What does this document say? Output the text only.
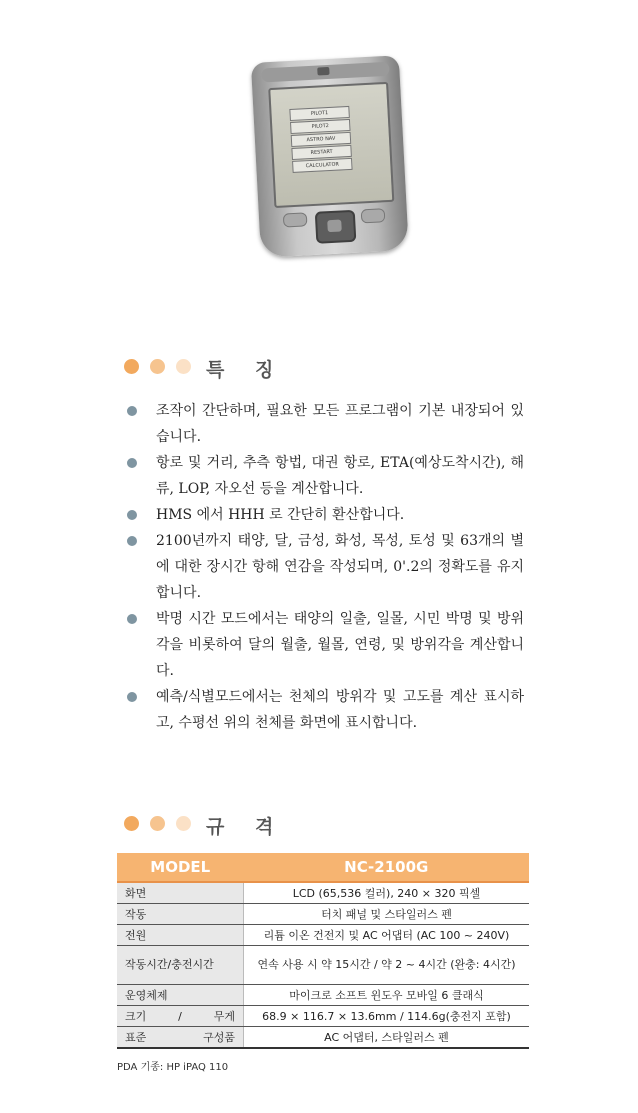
PILOT1
PILOT2
ASTRO NAV
RESTART
CALCULATOR
특 징
조작이 간단하며, 필요한 모든 프로그램이 기본 내장되어 있습니다.
항로 및 거리, 추측 항법, 대권 항로, ETA(예상도착시간), 해류, LOP, 자오선 등을 계산합니다.
HMS 에서 HHH 로 간단히 환산합니다.
2100년까지 태양, 달, 금성, 화성, 목성, 토성 및 63개의 별에 대한 장시간 항해 연감을 작성되며, 0'.2의 정확도를 유지합니다.
박명 시간 모드에서는 태양의 일출, 일몰, 시민 박명 및 방위각을 비롯하여 달의 월출, 월몰, 연령, 및 방위각을 계산합니다.
예측/식별모드에서는 천체의 방위각 및 고도를 계산 표시하고, 수평선 위의 천체를 화면에 표시합니다.
규 격
MODEL	NC-2100G
화면	LCD (65,536 컬러), 240 × 320 픽셀
작동	터치 패널 및 스타일러스 펜
전원	리튬 이온 건전지 및 AC 어댑터 (AC 100 ~ 240V)
작동시간/충전시간	연속 사용 시 약 15시간 / 약 2 ~ 4시간 (완충: 4시간)
운영체제	마이크로 소프트 윈도우 모바일 6 클래식
크기 / 무게	68.9 × 116.7 × 13.6mm / 114.6g(충전지 포함)
표준 구성품	AC 어댑터, 스타일러스 펜
PDA 기종: HP iPAQ 110
